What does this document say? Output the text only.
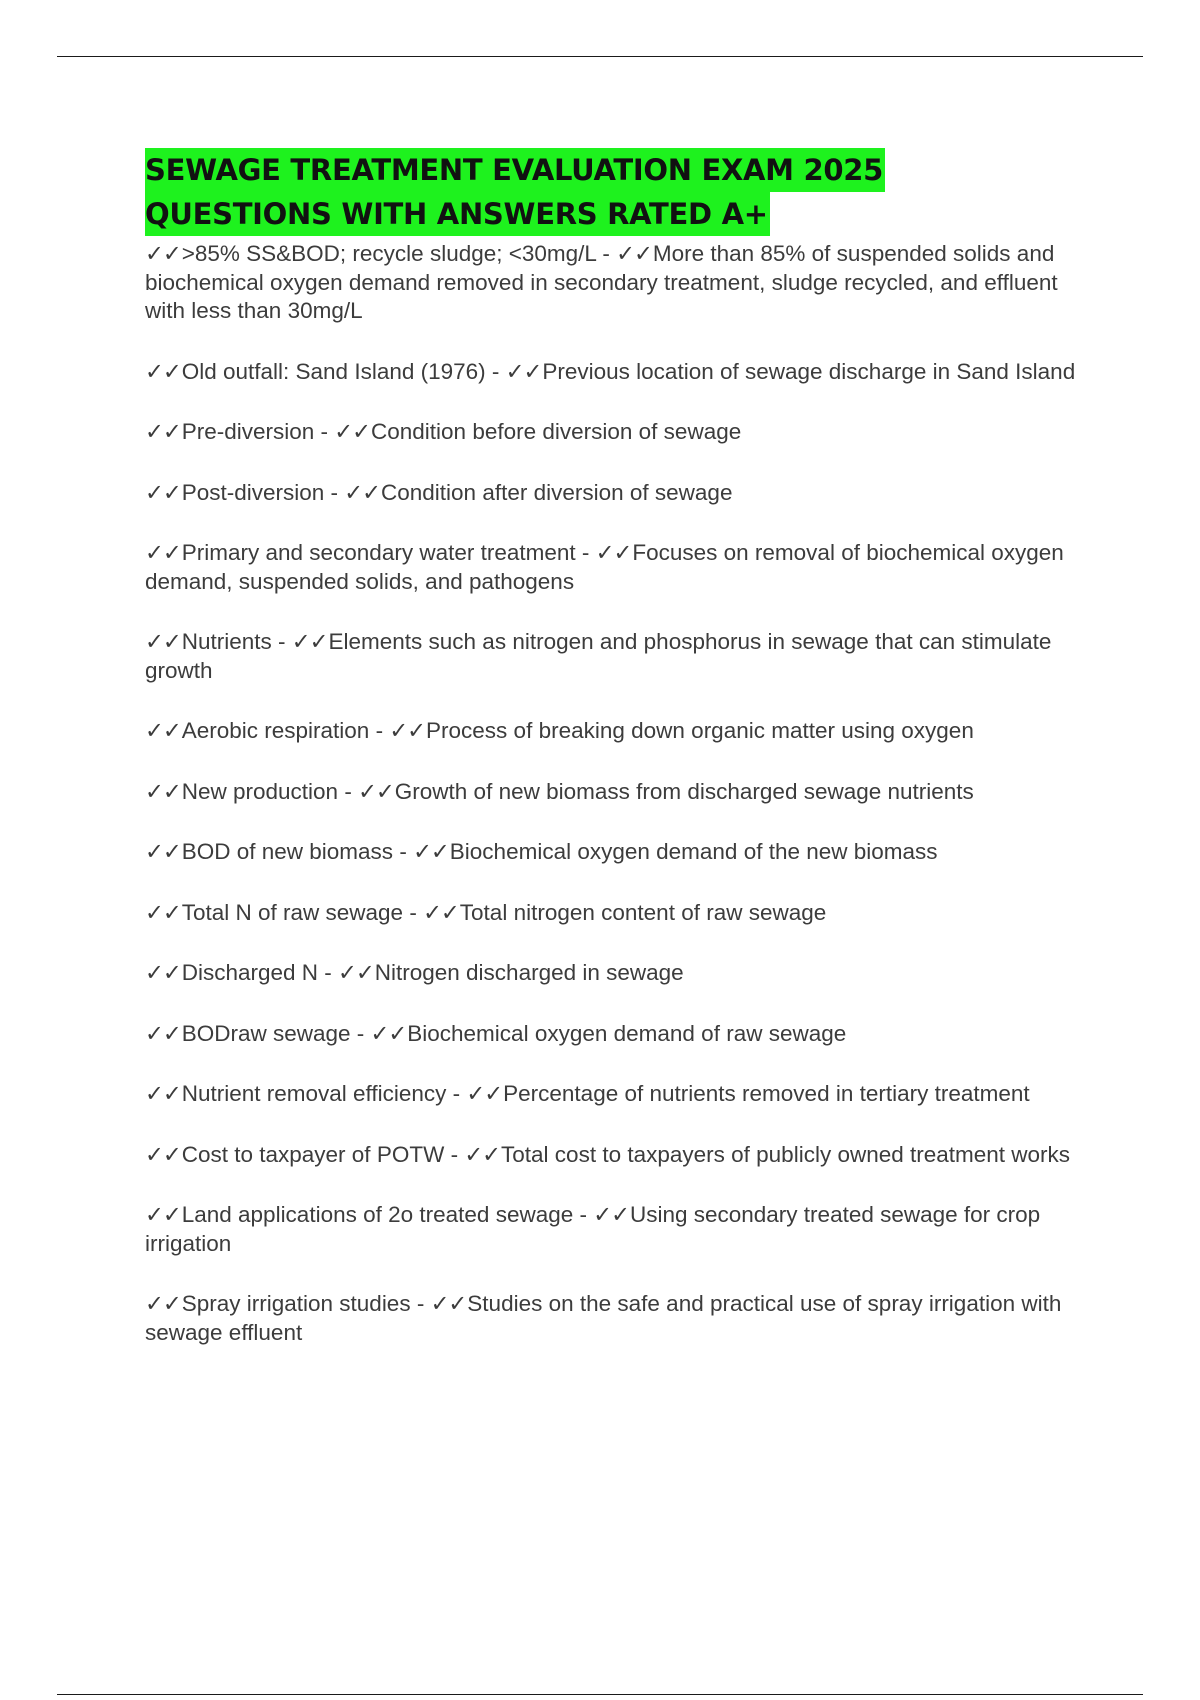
SEWAGE TREATMENT EVALUATION EXAM 2025
QUESTIONS WITH ANSWERS RATED A+
✓✓>85% SS&BOD; recycle sludge; <30mg/L - ✓✓More than 85% of suspended solids and biochemical oxygen demand removed in secondary treatment, sludge recycled, and effluent with less than 30mg/L
✓✓Old outfall: Sand Island (1976) - ✓✓Previous location of sewage discharge in Sand Island
✓✓Pre-diversion - ✓✓Condition before diversion of sewage
✓✓Post-diversion - ✓✓Condition after diversion of sewage
✓✓Primary and secondary water treatment - ✓✓Focuses on removal of biochemical oxygen demand, suspended solids, and pathogens
✓✓Nutrients - ✓✓Elements such as nitrogen and phosphorus in sewage that can stimulate growth
✓✓Aerobic respiration - ✓✓Process of breaking down organic matter using oxygen
✓✓New production - ✓✓Growth of new biomass from discharged sewage nutrients
✓✓BOD of new biomass - ✓✓Biochemical oxygen demand of the new biomass
✓✓Total N of raw sewage - ✓✓Total nitrogen content of raw sewage
✓✓Discharged N - ✓✓Nitrogen discharged in sewage
✓✓BODraw sewage - ✓✓Biochemical oxygen demand of raw sewage
✓✓Nutrient removal efficiency - ✓✓Percentage of nutrients removed in tertiary treatment
✓✓Cost to taxpayer of POTW - ✓✓Total cost to taxpayers of publicly owned treatment works
✓✓Land applications of 2o treated sewage - ✓✓Using secondary treated sewage for crop irrigation
✓✓Spray irrigation studies - ✓✓Studies on the safe and practical use of spray irrigation with sewage effluent
